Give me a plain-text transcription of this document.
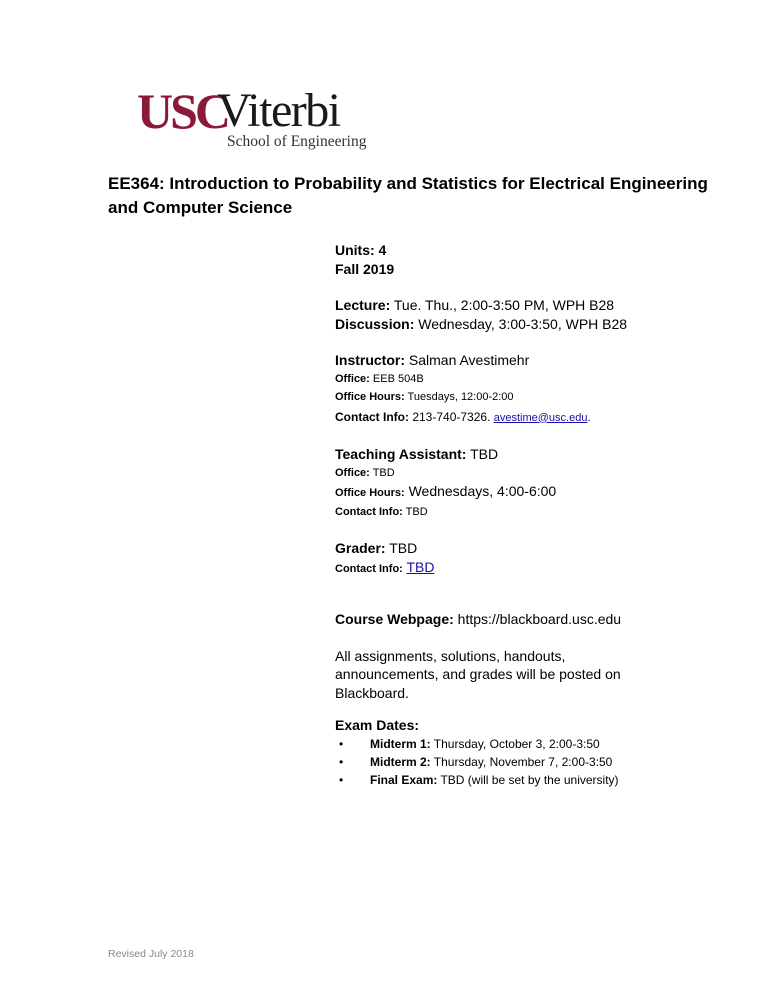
USC
Viterbi
School of Engineering
EE364: Introduction to Probability and Statistics for Electrical Engineering and Computer Science
Units: 4
Fall 2019
Lecture: Tue. Thu., 2:00-3:50 PM, WPH B28
Discussion: Wednesday, 3:00-3:50, WPH B28
Instructor: Salman Avestimehr
Office: EEB 504B
Office Hours: Tuesdays, 12:00-2:00
Contact Info: 213-740-7326. avestime@usc.edu.
Teaching Assistant: TBD
Office: TBD
Office Hours: Wednesdays, 4:00-6:00
Contact Info: TBD
Grader: TBD
Contact Info: TBD
Course Webpage: https://blackboard.usc.edu
All assignments, solutions, handouts, announcements, and grades will be posted on Blackboard.
Exam Dates:
• Midterm 1: Thursday, October 3, 2:00-3:50
• Midterm 2: Thursday, November 7, 2:00-3:50
• Final Exam: TBD (will be set by the university)
Revised July 2018
